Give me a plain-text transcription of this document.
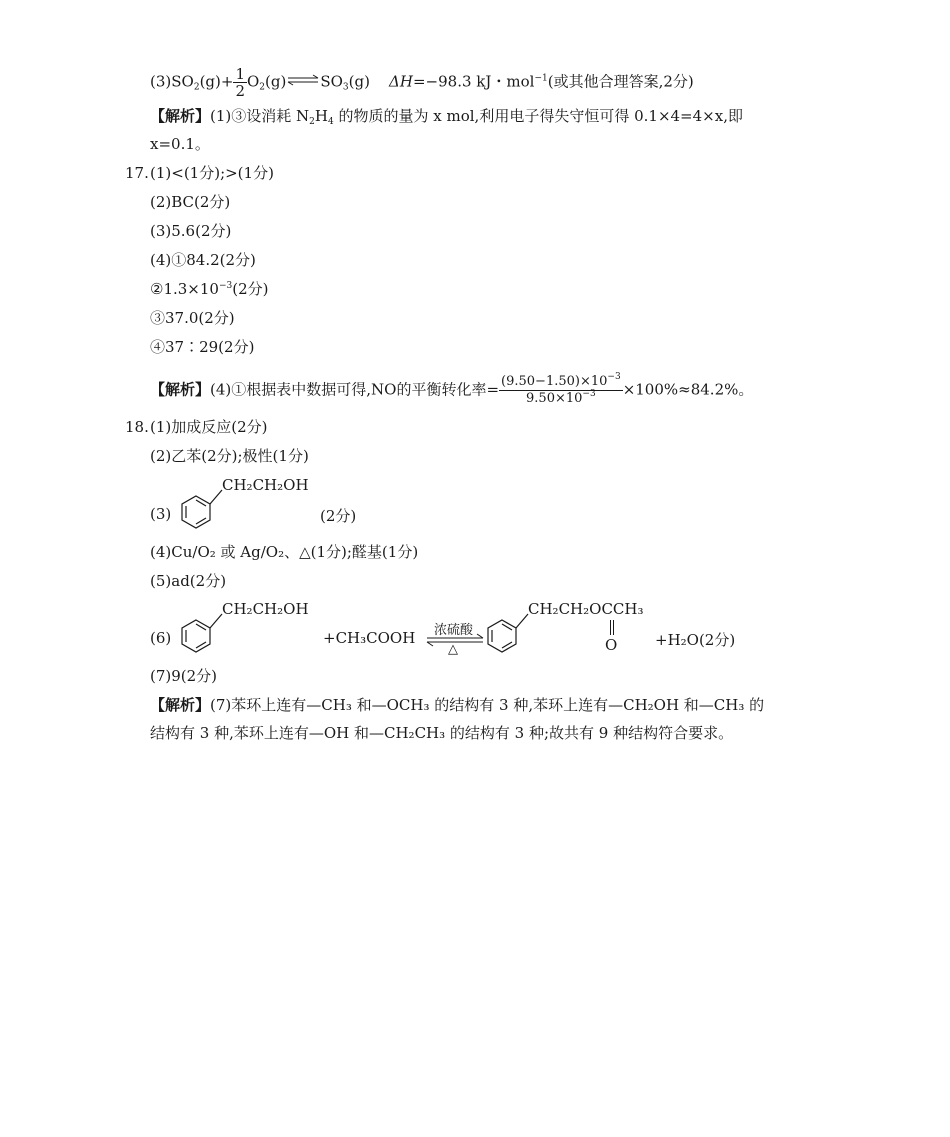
$(3)SO_2(g)+ \frac{1}{2}$ $O_2(g)\rightleftharpoons SO_3(g)$ ΔH=−98.3 kJ・mol$^{-1}$(或其他合理答案,2分)
【解析】(1)③设消耗 $N_2H_4$ 的物质的量为 x mol,利用电子得失守恒可得 0.1×4=4×x,即
x=0.1。
17. (1)<(1分);>(1分)
(2)BC(2分)
(3)5.6(2分)
(4)①84.2(2分)
$②1.3\times 10^{-3}(2$分)
③37.0(2分)
④37∶29(2分)
【解析】(4)①根据表中数据可得,NO的平衡转化率= $\frac{(9.50-1.50)\times 10^{-3}}{9.50\times 10^{-3}} \times 100\%\approx 84.2\%$。
18. (1)加成反应(2分)
(2)乙苯(2分);极性(1分)
CH₂CH₂OH
(3)	(2分)
(4)Cu/O₂ 或 Ag/O₂、△(1分);醛基(1分)
(5)ad(2分)
CH₂CH₂OH
(6)	+CH₃COOH 浓硫酸
△
CH₂CH₂OCCH₃
O	+H₂O(2分)
(7)9(2分)
【解析】(7)苯环上连有—CH₃ 和—OCH₃ 的结构有 3 种,苯环上连有—CH₂OH 和—CH₃ 的
结构有 3 种,苯环上连有—OH 和—CH₂CH₃ 的结构有 3 种;故共有 9 种结构符合要求。
